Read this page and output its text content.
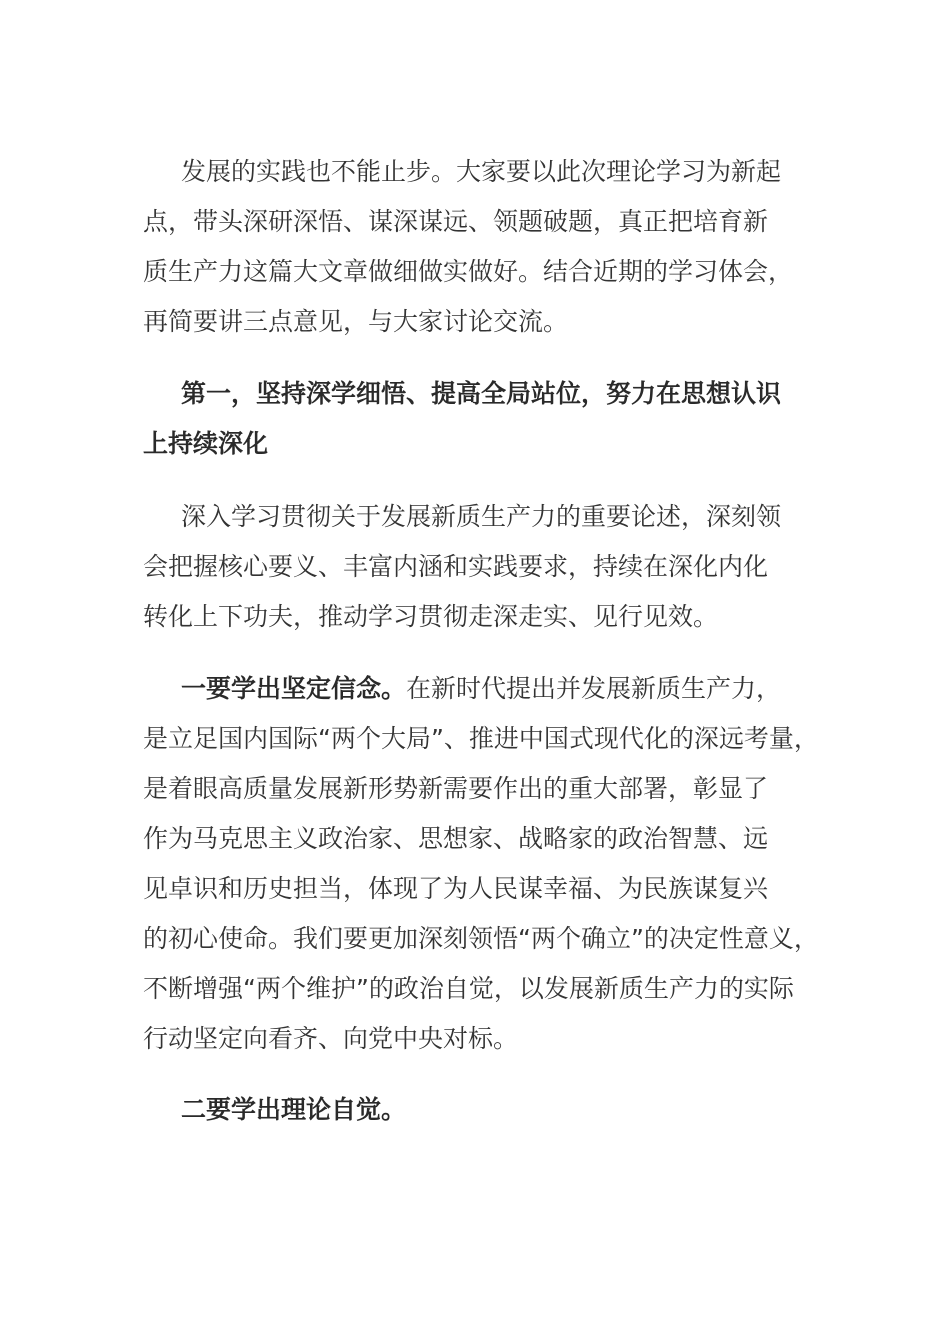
发展的实践也不能止步。大家要以此次理论学习为新起
点，带头深研深悟、谋深谋远、领题破题，真正把培育新
质生产力这篇大文章做细做实做好。结合近期的学习体会，
再简要讲三点意见，与大家讨论交流。
第一，坚持深学细悟、提高全局站位，努力在思想认识
上持续深化
深入学习贯彻关于发展新质生产力的重要论述，深刻领
会把握核心要义、丰富内涵和实践要求，持续在深化内化
转化上下功夫，推动学习贯彻走深走实、见行见效。
一要学出坚定信念。在新时代提出并发展新质生产力，
是立足国内国际“两个大局”、推进中国式现代化的深远考量，
是着眼高质量发展新形势新需要作出的重大部署，彰显了
作为马克思主义政治家、思想家、战略家的政治智慧、远
见卓识和历史担当，体现了为人民谋幸福、为民族谋复兴
的初心使命。我们要更加深刻领悟“两个确立”的决定性意义，
不断增强“两个维护”的政治自觉，以发展新质生产力的实际
行动坚定向看齐、向党中央对标。
二要学出理论自觉。
